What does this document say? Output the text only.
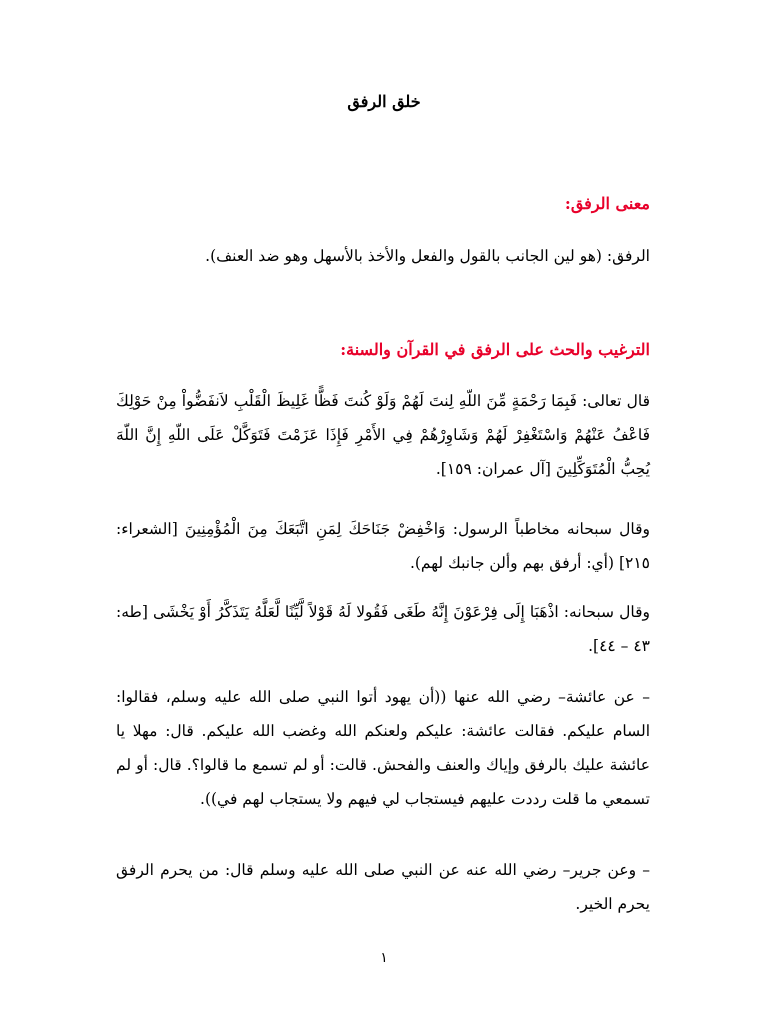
خلق الرفق
معنى الرفق:
الرفق: (هو لين الجانب بالقول والفعل والأخذ بالأسهل وهو ضد العنف).
الترغيب والحث على الرفق في القرآن والسنة:
قال تعالى: فَبِمَا رَحْمَةٍ مِّنَ اللّهِ لِنتَ لَهُمْ وَلَوْ كُنتَ فَظًّا غَلِيظَ الْقَلْبِ لاَنفَضُّواْ مِنْ حَوْلِكَ فَاعْفُ عَنْهُمْ وَاسْتَغْفِرْ لَهُمْ وَشَاوِرْهُمْ فِي الأَمْرِ فَإِذَا عَزَمْتَ فَتَوَكَّلْ عَلَى اللّهِ إِنَّ اللّهَ يُحِبُّ الْمُتَوَكِّلِينَ [آل عمران: ١٥٩].
وقال سبحانه مخاطباً الرسول: وَاخْفِضْ جَنَاحَكَ لِمَنِ اتَّبَعَكَ مِنَ الْمُؤْمِنِينَ [الشعراء: ٢١٥] (أي: أرفق بهم وألن جانبك لهم).
وقال سبحانه: اذْهَبَا إِلَى فِرْعَوْنَ إِنَّهُ طَغَى فَقُولا لَهُ قَوْلاً لَّيِّنًا لَّعَلَّهُ يَتَذَكَّرُ أَوْ يَخْشَى [طه: ٤٣ – ٤٤].
– عن عائشة– رضي الله عنها ((أن يهود أتوا النبي صلى الله عليه وسلم، فقالوا: السام عليكم. فقالت عائشة: عليكم ولعنكم الله وغضب الله عليكم. قال: مهلا يا عائشة عليك بالرفق وإياك والعنف والفحش. قالت: أو لم تسمع ما قالوا؟. قال: أو لم تسمعي ما قلت رددت عليهم فيستجاب لي فيهم ولا يستجاب لهم في)).
– وعن جرير– رضي الله عنه عن النبي صلى الله عليه وسلم قال: من يحرم الرفق يحرم الخير.
١
